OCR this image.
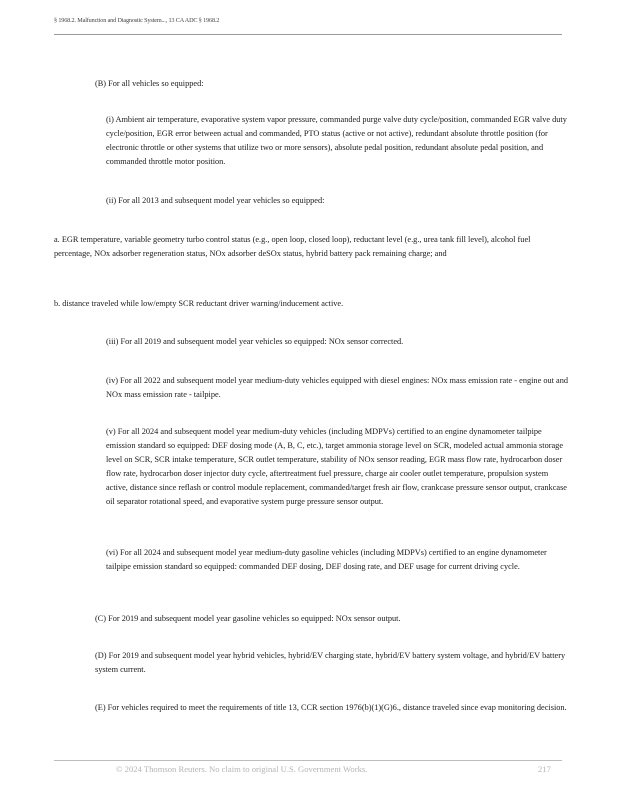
§ 1968.2. Malfunction and Diagnostic System..., 13 CA ADC § 1968.2

(B) For all vehicles so equipped:

(i) Ambient air temperature, evaporative system vapor pressure, commanded purge valve duty cycle/position, commanded EGR valve duty cycle/position, EGR error between actual and commanded, PTO status (active or not active), redundant absolute throttle position (for electronic throttle or other systems that utilize two or more sensors), absolute pedal position, redundant absolute pedal position, and commanded throttle motor position.

(ii) For all 2013 and subsequent model year vehicles so equipped:

a. EGR temperature, variable geometry turbo control status (e.g., open loop, closed loop), reductant level (e.g., urea tank fill level), alcohol fuel percentage, NOx adsorber regeneration status, NOx adsorber deSOx status, hybrid battery pack remaining charge; and

b. distance traveled while low/empty SCR reductant driver warning/inducement active.

(iii) For all 2019 and subsequent model year vehicles so equipped: NOx sensor corrected.

(iv) For all 2022 and subsequent model year medium-duty vehicles equipped with diesel engines: NOx mass emission rate - engine out and NOx mass emission rate - tailpipe.

(v) For all 2024 and subsequent model year medium-duty vehicles (including MDPVs) certified to an engine dynamometer tailpipe emission standard so equipped: DEF dosing mode (A, B, C, etc.), target ammonia storage level on SCR, modeled actual ammonia storage level on SCR, SCR intake temperature, SCR outlet temperature, stability of NOx sensor reading, EGR mass flow rate, hydrocarbon doser flow rate, hydrocarbon doser injector duty cycle, aftertreatment fuel pressure, charge air cooler outlet temperature, propulsion system active, distance since reflash or control module replacement, commanded/target fresh air flow, crankcase pressure sensor output, crankcase oil separator rotational speed, and evaporative system purge pressure sensor output.

(vi) For all 2024 and subsequent model year medium-duty gasoline vehicles (including MDPVs) certified to an engine dynamometer tailpipe emission standard so equipped: commanded DEF dosing, DEF dosing rate, and DEF usage for current driving cycle.

(C) For 2019 and subsequent model year gasoline vehicles so equipped: NOx sensor output.

(D) For 2019 and subsequent model year hybrid vehicles, hybrid/EV charging state, hybrid/EV battery system voltage, and hybrid/EV battery system current.

(E) For vehicles required to meet the requirements of title 13, CCR section 1976(b)(1)(G)6., distance traveled since evap monitoring decision.

© 2024 Thomson Reuters. No claim to original U.S. Government Works.	217
